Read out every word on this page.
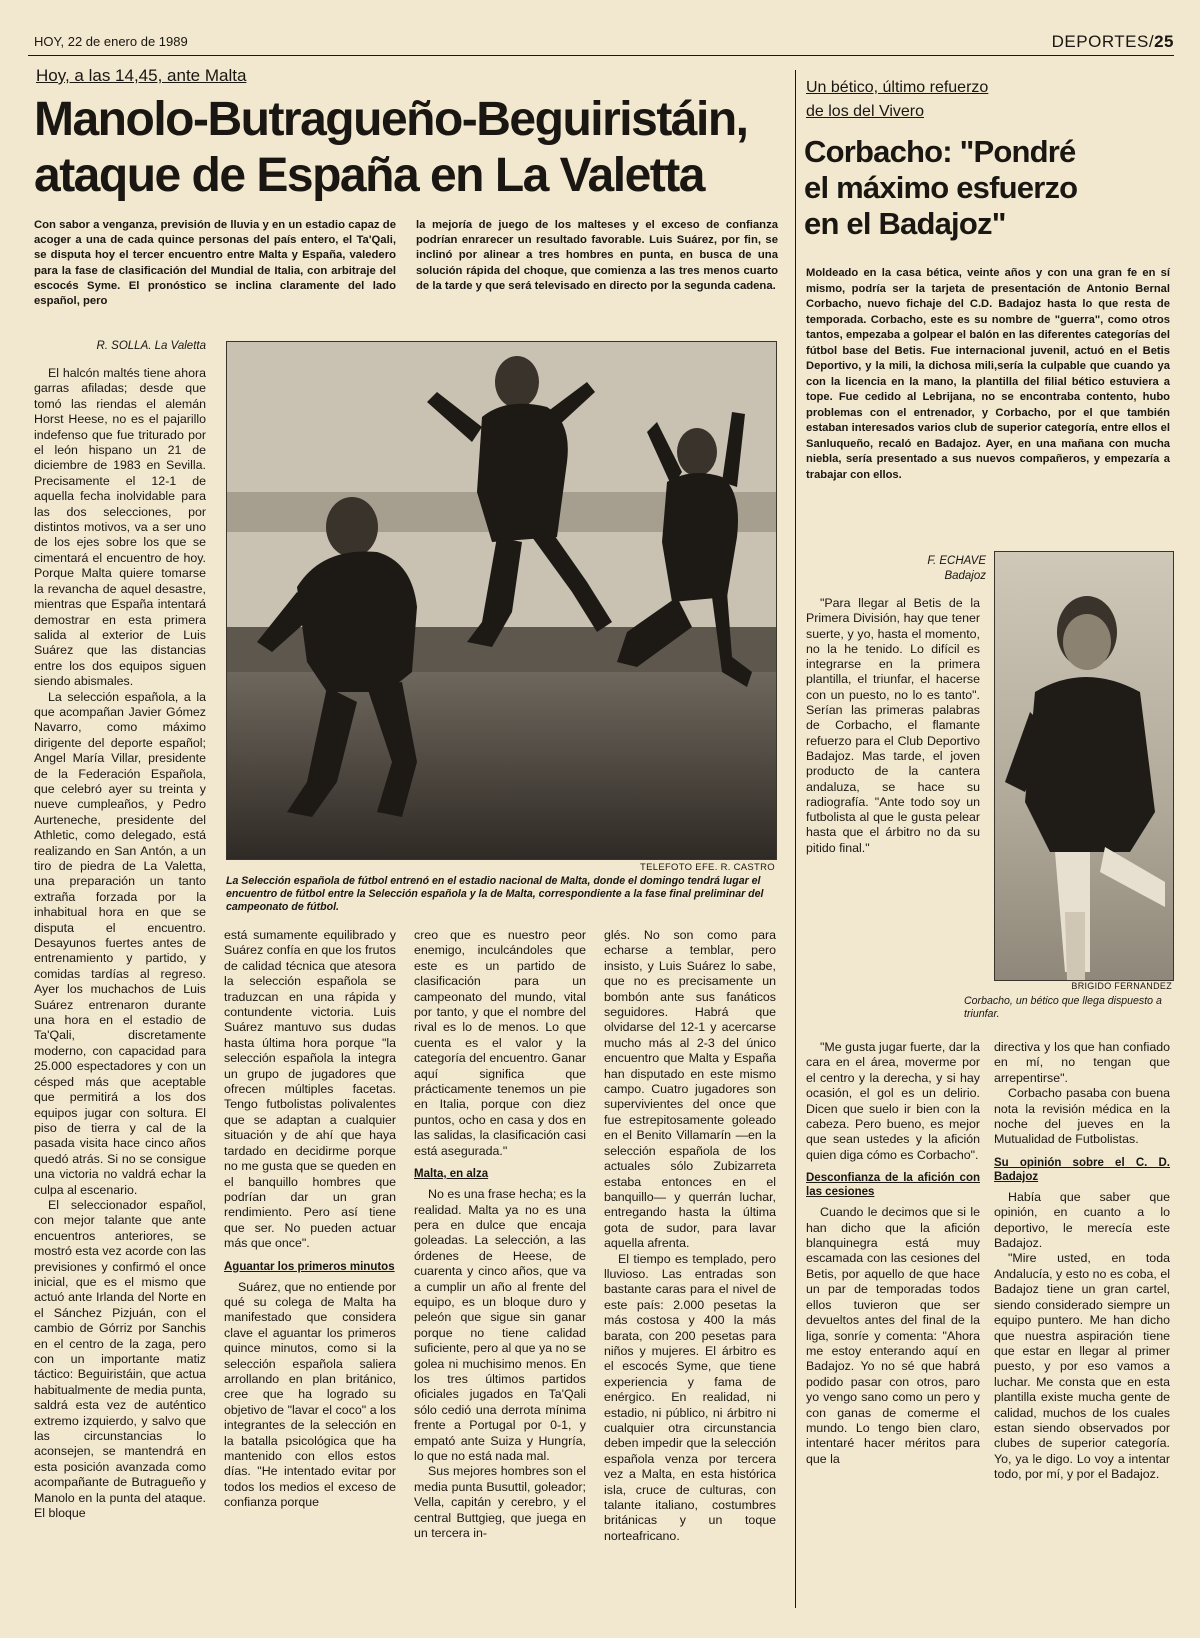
HOY, 22 de enero de 1989	DEPORTES/25
Hoy, a las 14,45, ante Malta
Manolo-Butragueño-Beguiristáin,
ataque de España en La Valetta
Con sabor a venganza, previsión de lluvia y en un estadio capaz de acoger a una de cada quince personas del país entero, el Ta'Qali, se disputa hoy el tercer encuentro entre Malta y España, valedero para la fase de clasificación del Mundial de Italia, con arbitraje del escocés Syme. El pronóstico se inclina claramente del lado español, pero
la mejoría de juego de los malteses y el exceso de confianza podrían enrarecer un resultado favorable. Luis Suárez, por fin, se inclinó por alinear a tres hombres en punta, en busca de una solución rápida del choque, que comienza a las tres menos cuarto de la tarde y que será televisado en directo por la segunda cadena.
R. SOLLA. La Valetta

El halcón maltés tiene ahora garras afiladas; desde que tomó las riendas el alemán Horst Heese, no es el pajarillo indefenso que fue triturado por el león hispano un 21 de diciembre de 1983 en Sevilla. Precisamente el 12-1 de aquella fecha inolvidable para las dos selecciones, por distintos motivos, va a ser uno de los ejes sobre los que se cimentará el encuentro de hoy. Porque Malta quiere tomarse la revancha de aquel desastre, mientras que España intentará demostrar en esta primera salida al exterior de Luis Suárez que las distancias entre los dos equipos siguen siendo abismales.

La selección española, a la que acompañan Javier Gómez Navarro, como máximo dirigente del deporte español; Angel María Villar, presidente de la Federación Española, que celebró ayer su treinta y nueve cumpleaños, y Pedro Aurteneche, presidente del Athletic, como delegado, está realizando en San Antón, a un tiro de piedra de La Valetta, una preparación un tanto extraña forzada por la inhabitual hora en que se disputa el encuentro. Desayunos fuertes antes de entrenamiento y partido, y comidas tardías al regreso. Ayer los muchachos de Luis Suárez entrenaron durante una hora en el estadio de Ta'Qali, discretamente moderno, con capacidad para 25.000 espectadores y con un césped más que aceptable que permitirá a los dos equipos jugar con soltura. El piso de tierra y cal de la pasada visita hace cinco años quedó atrás. Si no se consigue una victoria no valdrá echar la culpa al escenario.

El seleccionador español, con mejor talante que ante encuentros anteriores, se mostró esta vez acorde con las previsiones y confirmó el once inicial, que es el mismo que actuó ante Irlanda del Norte en el Sánchez Pizjuán, con el cambio de Górriz por Sanchis en el centro de la zaga, pero con un importante matiz táctico: Beguiristáin, que actua habitualmente de media punta, saldrá esta vez de auténtico extremo izquierdo, y salvo que las circunstancias lo aconsejen, se mantendrá en esta posición avanzada como acompañante de Butragueño y Manolo en la punta del ataque. El bloque

TELEFOTO EFE. R. CASTRO
La Selección española de fútbol entrenó en el estadio nacional de Malta, donde el domingo tendrá lugar el encuentro de fútbol entre la Selección española y la de Malta, correspondiente a la fase final preliminar del campeonato de fútbol.

está sumamente equilibrado y Suárez confía en que los frutos de calidad técnica que atesora la selección española se traduzcan en una rápida y contundente victoria. Luis Suárez mantuvo sus dudas hasta última hora porque "la selección española la integra un grupo de jugadores que ofrecen múltiples facetas. Tengo futbolistas polivalentes que se adaptan a cualquier situación y de ahí que haya tardado en decidirme porque no me gusta que se queden en el banquillo hombres que podrían dar un gran rendimiento. Pero así tiene que ser. No pueden actuar más que once".

Aguantar los primeros minutos

Suárez, que no entiende por qué su colega de Malta ha manifestado que considera clave el aguantar los primeros quince minutos, como si la selección española saliera arrollando en plan británico, cree que ha logrado su objetivo de "lavar el coco" a los integrantes de la selección en la batalla psicológica que ha mantenido con ellos estos días. "He intentado evitar por todos los medios el exceso de confianza porque

creo que es nuestro peor enemigo, inculcándoles que este es un partido de clasificación para un campeonato del mundo, vital por tanto, y que el nombre del rival es lo de menos. Lo que cuenta es el valor y la categoría del encuentro. Ganar aquí significa que prácticamente tenemos un pie en Italia, porque con diez puntos, ocho en casa y dos en las salidas, la clasificación casi está asegurada."

Malta, en alza

No es una frase hecha; es la realidad. Malta ya no es una pera en dulce que encaja goleadas. La selección, a las órdenes de Heese, de cuarenta y cinco años, que va a cumplir un año al frente del equipo, es un bloque duro y peleón que sigue sin ganar porque no tiene calidad suficiente, pero al que ya no se golea ni muchisimo menos. En los tres últimos partidos oficiales jugados en Ta'Qali sólo cedió una derrota mínima frente a Portugal por 0-1, y empató ante Suiza y Hungría, lo que no está nada mal.

Sus mejores hombres son el media punta Busuttil, goleador; Vella, capitán y cerebro, y el central Buttgieg, que juega en un tercera in-

glés. No son como para echarse a temblar, pero insisto, y Luis Suárez lo sabe, que no es precisamente un bombón ante sus fanáticos seguidores. Habrá que olvidarse del 12-1 y acercarse mucho más al 2-3 del único encuentro que Malta y España han disputado en este mismo campo. Cuatro jugadores son supervivientes del once que fue estrepitosamente goleado en el Benito Villamarín —en la selección española de los actuales sólo Zubizarreta estaba entonces en el banquillo— y querrán luchar, entregando hasta la última gota de sudor, para lavar aquella afrenta.

El tiempo es templado, pero lluvioso. Las entradas son bastante caras para el nivel de este país: 2.000 pesetas la más costosa y 400 la más barata, con 200 pesetas para niños y mujeres. El árbitro es el escocés Syme, que tiene experiencia y fama de enérgico. En realidad, ni estadio, ni público, ni árbitro ni cualquier otra circunstancia deben impedir que la selección española venza por tercera vez a Malta, en esta histórica isla, cruce de culturas, con talante italiano, costumbres británicas y un toque norteafricano.

Un bético, último refuerzo
de los del Vivero
Corbacho: "Pondré
el máximo esfuerzo
en el Badajoz"
Moldeado en la casa bética, veinte años y con una gran fe en sí mismo, podría ser la tarjeta de presentación de Antonio Bernal Corbacho, nuevo fichaje del C.D. Badajoz hasta lo que resta de temporada. Corbacho, este es su nombre de "guerra", como otros tantos, empezaba a golpear el balón en las diferentes categorías del fútbol base del Betis. Fue internacional juvenil, actuó en el Betis Deportivo, y la mili, la dichosa mili,sería la culpable que cuando ya con la licencia en la mano, la plantilla del filial bético estuviera a tope. Fue cedido al Lebrijana, no se encontraba contento, hubo problemas con el entrenador, y Corbacho, por el que también estaban interesados varios club de superior categoría, entre ellos el Sanluqueño, recaló en Badajoz. Ayer, en una mañana con mucha niebla, sería presentado a sus nuevos compañeros, y empezaría a trabajar con ellos.
F. ECHAVE
Badajoz

"Para llegar al Betis de la Primera División, hay que tener suerte, y yo, hasta el momento, no la he tenido. Lo difícil es integrarse en la primera plantilla, el triunfar, el hacerse con un puesto, no lo es tanto". Serían las primeras palabras de Corbacho, el flamante refuerzo para el Club Deportivo Badajoz. Mas tarde, el joven producto de la cantera andaluza, se hace su radiografía. "Ante todo soy un futbolista al que le gusta pelear hasta que el árbitro no da su pitido final."

BRIGIDO FERNANDEZ
Corbacho, un bético que llega dispuesto a triunfar.

"Me gusta jugar fuerte, dar la cara en el área, moverme por el centro y la derecha, y si hay ocasión, el gol es un delirio. Dicen que suelo ir bien con la cabeza. Pero bueno, es mejor que sean ustedes y la afición quien diga cómo es Corbacho".

Desconfianza de la afición con las cesiones

Cuando le decimos que si le han dicho que la afición blanquinegra está muy escamada con las cesiones del Betis, por aquello de que hace un par de temporadas todos ellos tuvieron que ser devueltos antes del final de la liga, sonríe y comenta: "Ahora me estoy enterando aquí en Badajoz. Yo no sé que habrá podido pasar con otros, paro yo vengo sano como un pero y con ganas de comerme el mundo. Lo tengo bien claro, intentaré hacer méritos para que la

directiva y los que han confiado en mí, no tengan que arrepentirse".

Corbacho pasaba con buena nota la revisión médica en la noche del jueves en la Mutualidad de Futbolistas.

Su opinión sobre el C. D. Badajoz

Había que saber que opinión, en cuanto a lo deportivo, le merecía este Badajoz.

"Mire usted, en toda Andalucía, y esto no es coba, el Badajoz tiene un gran cartel, siendo considerado siempre un equipo puntero. Me han dicho que nuestra aspiración tiene que estar en llegar al primer puesto, y por eso vamos a luchar. Me consta que en esta plantilla existe mucha gente de calidad, muchos de los cuales estan siendo observados por clubes de superior categoría. Yo, ya le digo. Lo voy a intentar todo, por mí, y por el Badajoz.
